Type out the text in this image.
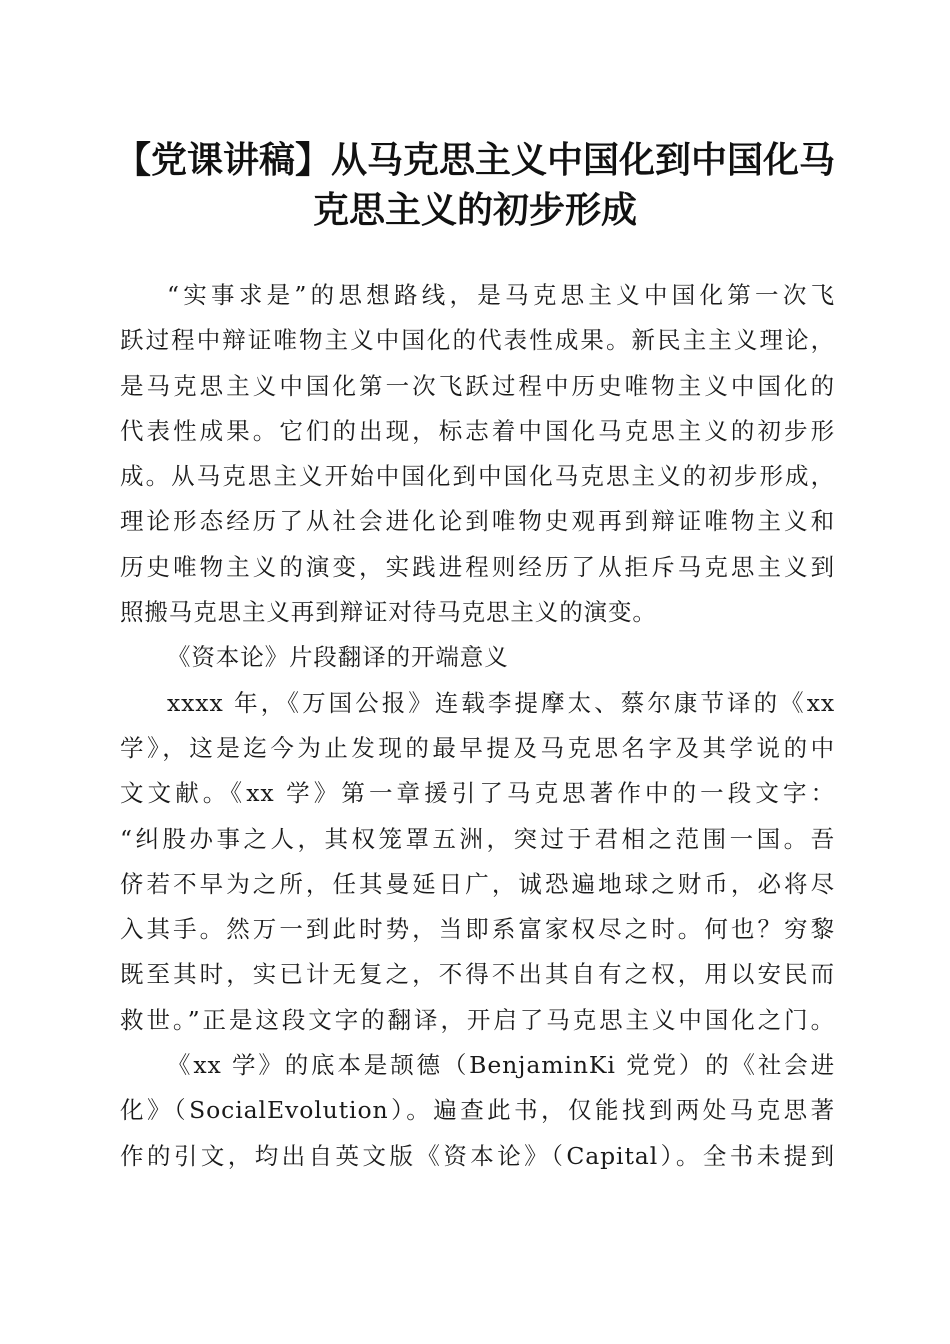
【党课讲稿】从马克思主义中国化到中国化马
克思主义的初步形成
“实事求是”的思想路线，是马克思主义中国化第一次飞
跃过程中辩证唯物主义中国化的代表性成果。新民主主义理论，
是马克思主义中国化第一次飞跃过程中历史唯物主义中国化的
代表性成果。它们的出现，标志着中国化马克思主义的初步形
成。从马克思主义开始中国化到中国化马克思主义的初步形成，
理论形态经历了从社会进化论到唯物史观再到辩证唯物主义和
历史唯物主义的演变，实践进程则经历了从拒斥马克思主义到
照搬马克思主义再到辩证对待马克思主义的演变。
《资本论》片段翻译的开端意义
xxxx 年，《万国公报》连载李提摩太、蔡尔康节译的《xx
学》，这是迄今为止发现的最早提及马克思名字及其学说的中
文文献。《xx 学》第一章援引了马克思著作中的一段文字：
“纠股办事之人，其权笼罩五洲，突过于君相之范围一国。吾
侪若不早为之所，任其曼延日广，诚恐遍地球之财币，必将尽
入其手。然万一到此时势，当即系富家权尽之时。何也？穷黎
既至其时，实已计无复之，不得不出其自有之权，用以安民而
救世。”正是这段文字的翻译，开启了马克思主义中国化之门。
《xx 学》的底本是颉德（BenjaminKi 党党）的《社会进
化》（SocialEvolution）。遍查此书，仅能找到两处马克思著
作的引文，均出自英文版《资本论》（Capital）。全书未提到
